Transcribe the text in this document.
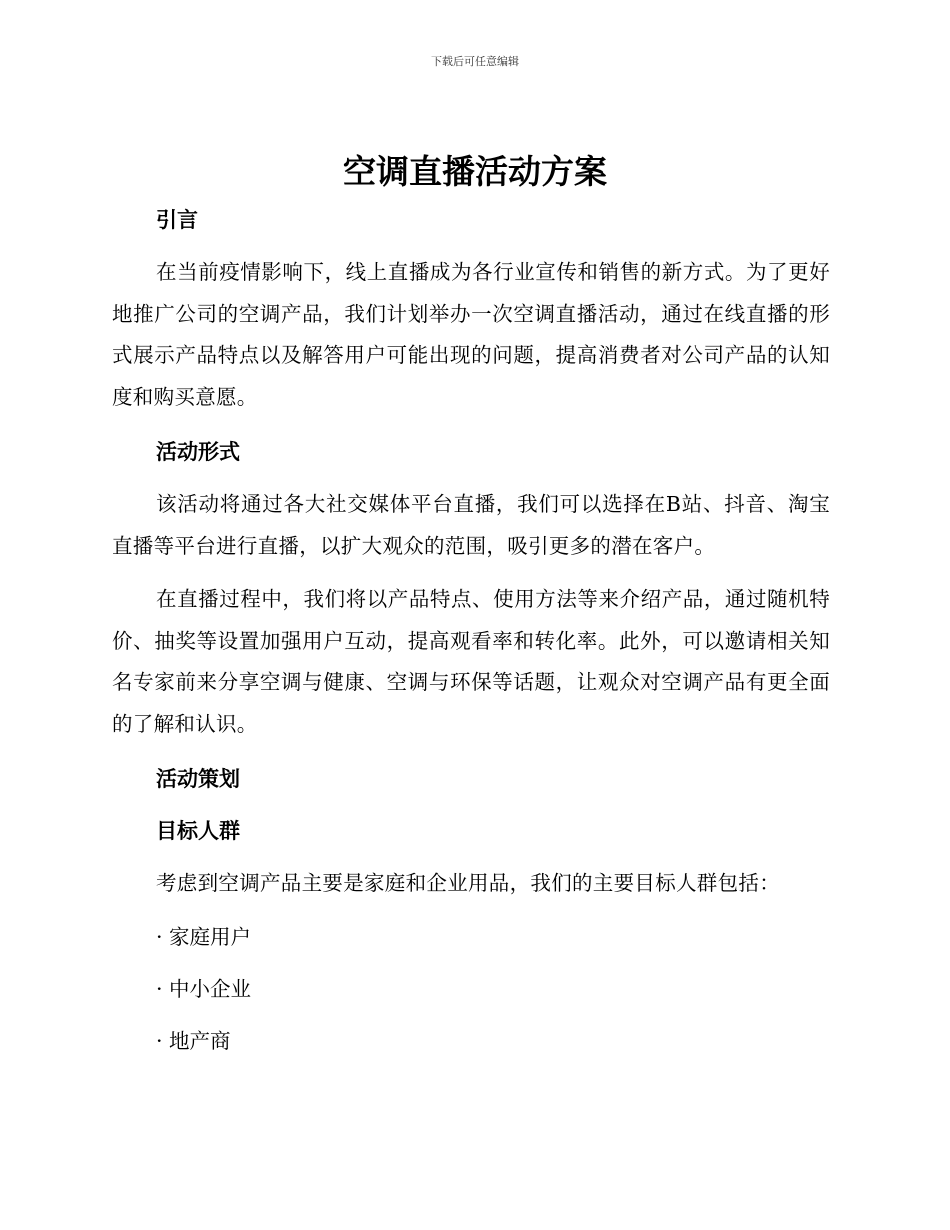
下载后可任意编辑
空调直播活动方案
引言

在当前疫情影响下，线上直播成为各行业宣传和销售的新方式。为了更好地推广公司的空调产品，我们计划举办一次空调直播活动，通过在线直播的形式展示产品特点以及解答用户可能出现的问题，提高消费者对公司产品的认知度和购买意愿。

活动形式

该活动将通过各大社交媒体平台直播，我们可以选择在B站、抖音、淘宝直播等平台进行直播，以扩大观众的范围，吸引更多的潜在客户。

在直播过程中，我们将以产品特点、使用方法等来介绍产品，通过随机特价、抽奖等设置加强用户互动，提高观看率和转化率。此外，可以邀请相关知名专家前来分享空调与健康、空调与环保等话题，让观众对空调产品有更全面的了解和认识。

活动策划
目标人群

考虑到空调产品主要是家庭和企业用品，我们的主要目标人群包括：

· 家庭用户

· 中小企业

· 地产商
